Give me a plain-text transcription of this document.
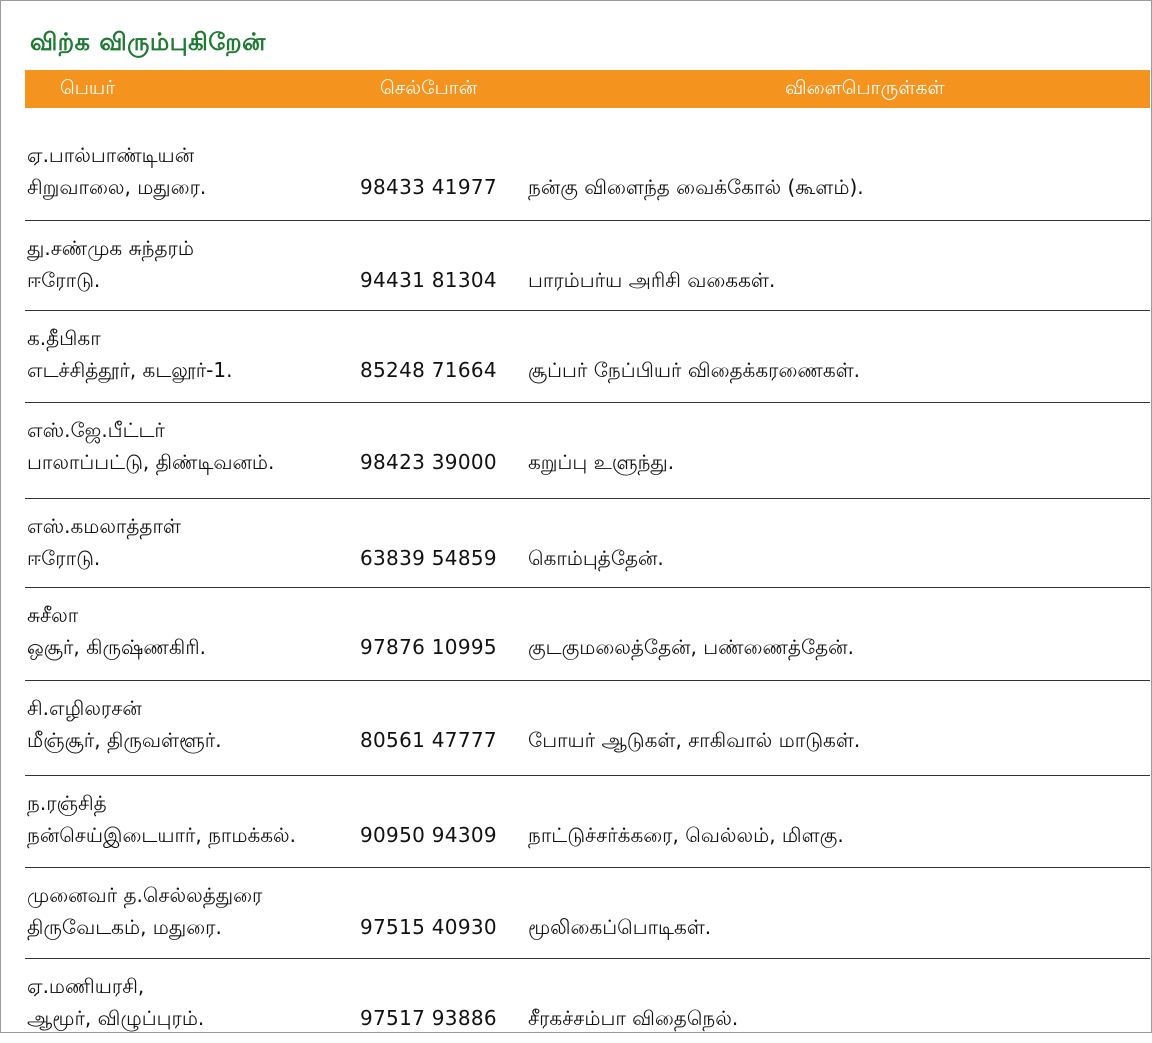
விற்க விரும்புகிறேன்
பெயர்	செல்போன்	விளைபொருள்கள்
ஏ.பால்பாண்டியன்
சிறுவாலை, மதுரை.	98433 41977 நன்கு விளைந்த வைக்கோல் (கூளம்).
து.சண்முக சுந்தரம்
ஈரோடு.	94431 81304 பாரம்பர்ய அரிசி வகைகள்.
க.தீபிகா
எடச்சித்தூர், கடலூர்-1.	85248 71664 சூப்பர் நேப்பியர் விதைக்கரணைகள்.
எஸ்.ஜே.பீட்டர்
பாலாப்பட்டு, திண்டிவனம்.	98423 39000 கறுப்பு உளுந்து.
எஸ்.கமலாத்தாள்
ஈரோடு.	63839 54859 கொம்புத்தேன்.
சுசீலா
ஒசூர், கிருஷ்ணகிரி.	97876 10995 குடகுமலைத்தேன், பண்ணைத்தேன்.
சி.எழிலரசன்
மீஞ்சூர், திருவள்ளூர்.	80561 47777 போயர் ஆடுகள், சாகிவால் மாடுகள்.
ந.ரஞ்சித்
நன்செய்இடையார், நாமக்கல்.	90950 94309 நாட்டுச்சர்க்கரை, வெல்லம், மிளகு.
முனைவர் த.செல்லத்துரை
திருவேடகம், மதுரை.	97515 40930 மூலிகைப்பொடிகள்.
ஏ.மணியரசி,
ஆமூர், விழுப்புரம்.	97517 93886 சீரகச்சம்பா விதைநெல்.
